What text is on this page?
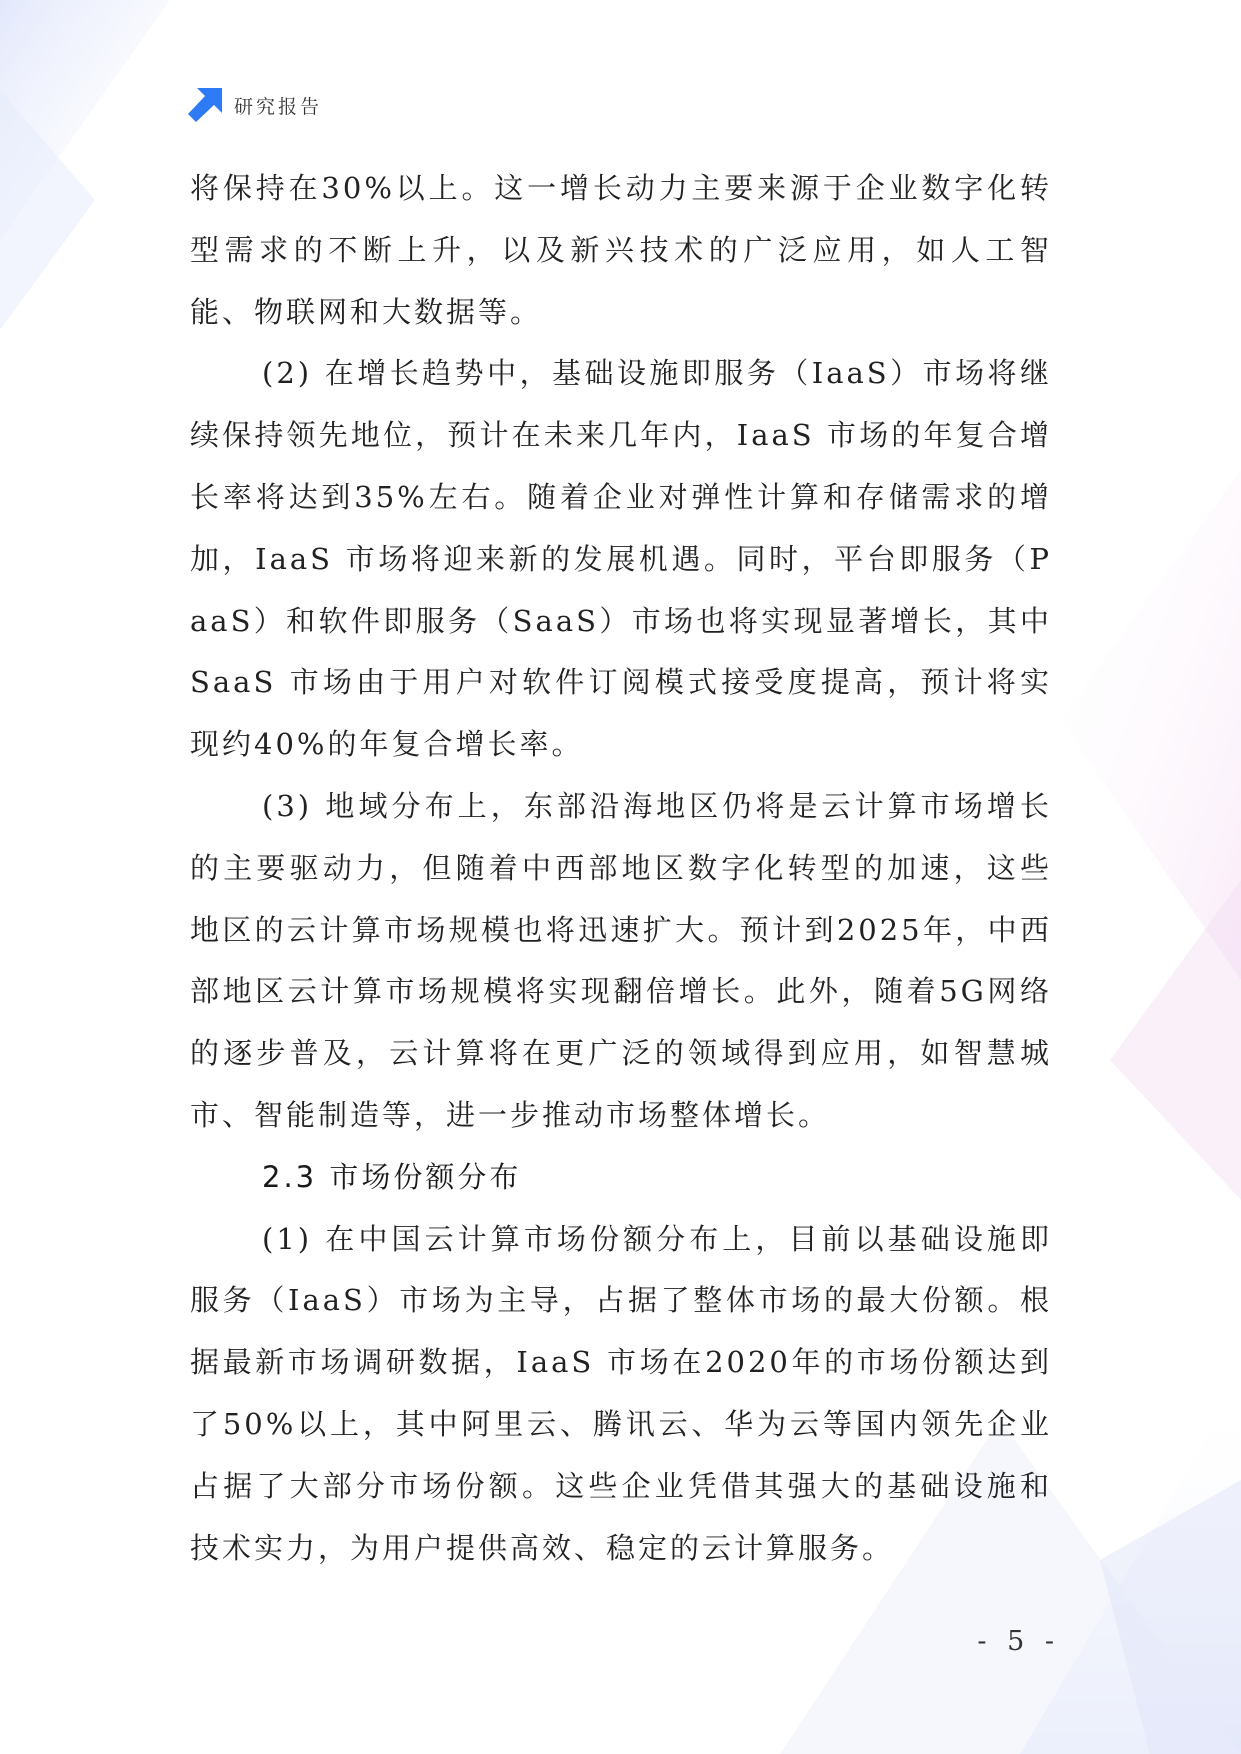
研究报告

将保持在30%以上。这一增长动力主要来源于企业数字化转型需求的不断上升，以及新兴技术的广泛应用，如人工智能、物联网和大数据等。

(2) 在增长趋势中，基础设施即服务（IaaS）市场将继续保持领先地位，预计在未来几年内，IaaS 市场的年复合增长率将达到35%左右。随着企业对弹性计算和存储需求的增加，IaaS 市场将迎来新的发展机遇。同时，平台即服务（PaaS）和软件即服务（SaaS）市场也将实现显著增长，其中 SaaS 市场由于用户对软件订阅模式接受度提高，预计将实现约40%的年复合增长率。

(3) 地域分布上，东部沿海地区仍将是云计算市场增长的主要驱动力，但随着中西部地区数字化转型的加速，这些地区的云计算市场规模也将迅速扩大。预计到2025年，中西部地区云计算市场规模将实现翻倍增长。此外，随着5G网络的逐步普及，云计算将在更广泛的领域得到应用，如智慧城市、智能制造等，进一步推动市场整体增长。

2.3 市场份额分布

(1) 在中国云计算市场份额分布上，目前以基础设施即服务（IaaS）市场为主导，占据了整体市场的最大份额。根据最新市场调研数据，IaaS 市场在2020年的市场份额达到了50%以上，其中阿里云、腾讯云、华为云等国内领先企业占据了大部分市场份额。这些企业凭借其强大的基础设施和技术实力，为用户提供高效、稳定的云计算服务。

- 5 -
